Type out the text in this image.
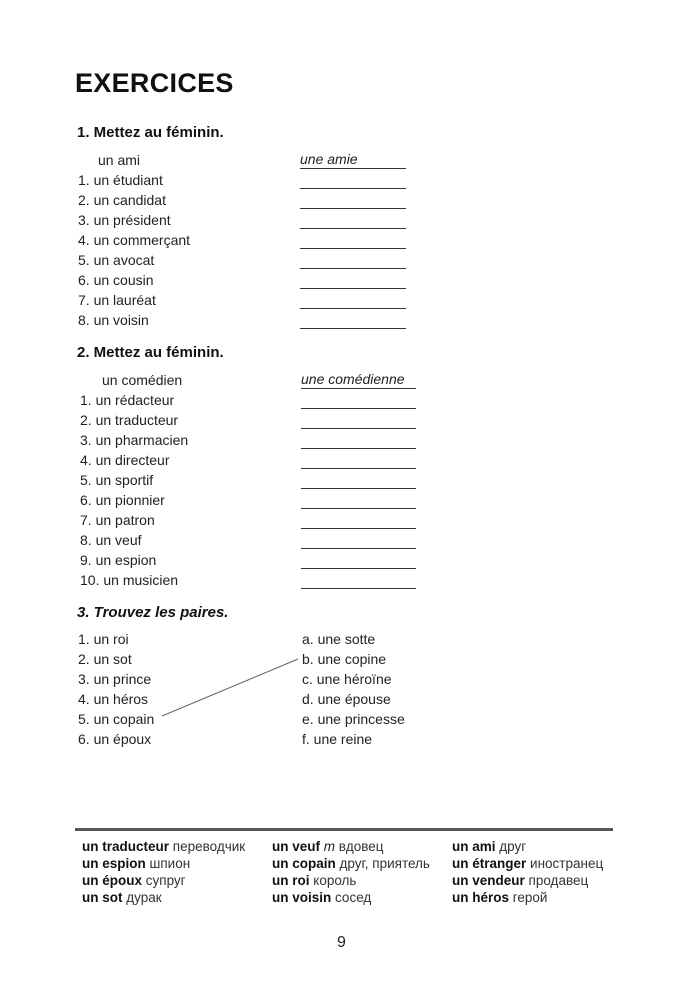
EXERCICES
1. Mettez au féminin.
un ami	une amie
1. un étudiant
2. un candidat
3. un président
4. un commerçant
5. un avocat
6. un cousin
7. un lauréat
8. un voisin
2. Mettez au féminin.
un comédien	une comédienne
1. un rédacteur
2. un traducteur
3. un pharmacien
4. un directeur
5. un sportif
6. un pionnier
7. un patron
8. un veuf
9. un espion
10. un musicien
3. Trouvez les paires.
1. un roi
2. un sot
3. un prince
4. un héros
5. un copain
6. un époux
a. une sotte
b. une copine
c. une héroïne
d. une épouse
e. une princesse
f. une reine
un traducteur переводчик
un espion шпион
un époux супруг
un sot дурак
un veuf m вдовец
un copain друг, приятель
un roi король
un voisin сосед
un ami друг
un étranger иностранец
un vendeur продавец
un héros герой
9
